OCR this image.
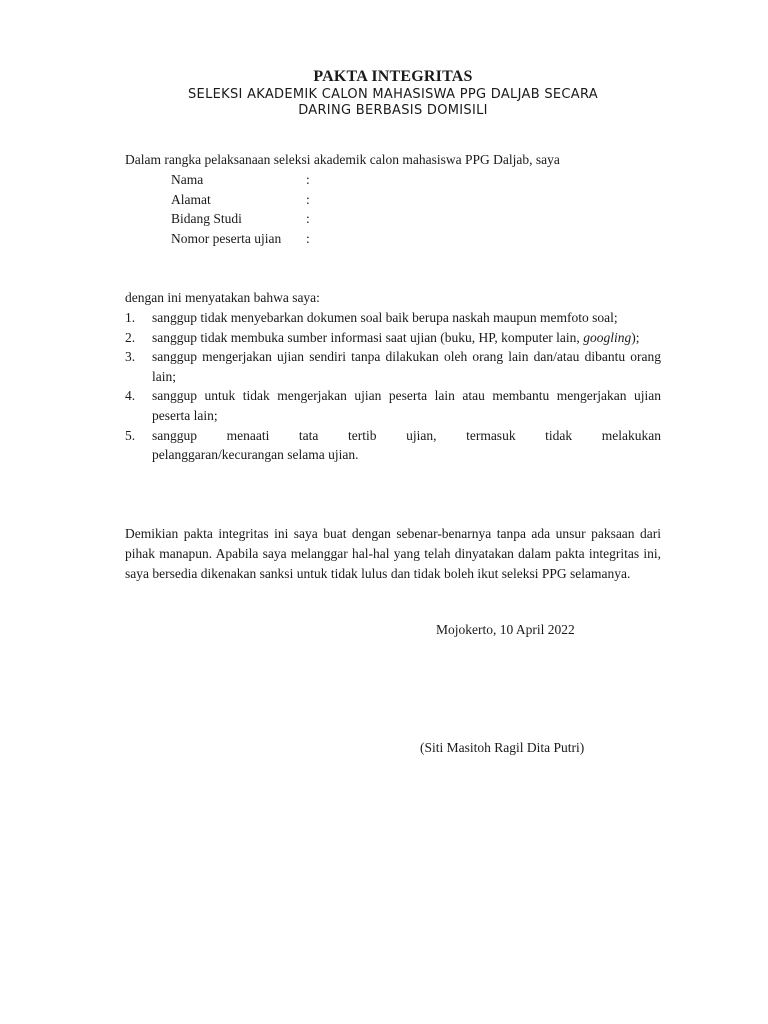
PAKTA INTEGRITAS
SELEKSI AKADEMIK CALON MAHASISWA PPG DALJAB SECARA
DARING BERBASIS DOMISILI
Dalam rangka pelaksanaan seleksi akademik calon mahasiswa PPG Daljab, saya
Nama	:
Alamat	:
Bidang Studi	:
Nomor peserta ujian :
dengan ini menyatakan bahwa saya:
1. sanggup tidak menyebarkan dokumen soal baik berupa naskah maupun memfoto soal;
2. sanggup tidak membuka sumber informasi saat ujian (buku, HP, komputer lain, googling);
3. sanggup mengerjakan ujian sendiri tanpa dilakukan oleh orang lain dan/atau dibantu orang lain;
4. sanggup untuk tidak mengerjakan ujian peserta lain atau membantu mengerjakan ujian peserta lain;
5. sanggup menaati tata tertib ujian, termasuk tidak melakukan
pelanggaran/kecurangan selama ujian.
Demikian pakta integritas ini saya buat dengan sebenar-benarnya tanpa ada unsur paksaan dari pihak manapun. Apabila saya melanggar hal-hal yang telah dinyatakan dalam pakta integritas ini, saya bersedia dikenakan sanksi untuk tidak lulus dan tidak boleh ikut seleksi PPG selamanya.
Mojokerto, 10 April 2022
(Siti Masitoh Ragil Dita Putri)
